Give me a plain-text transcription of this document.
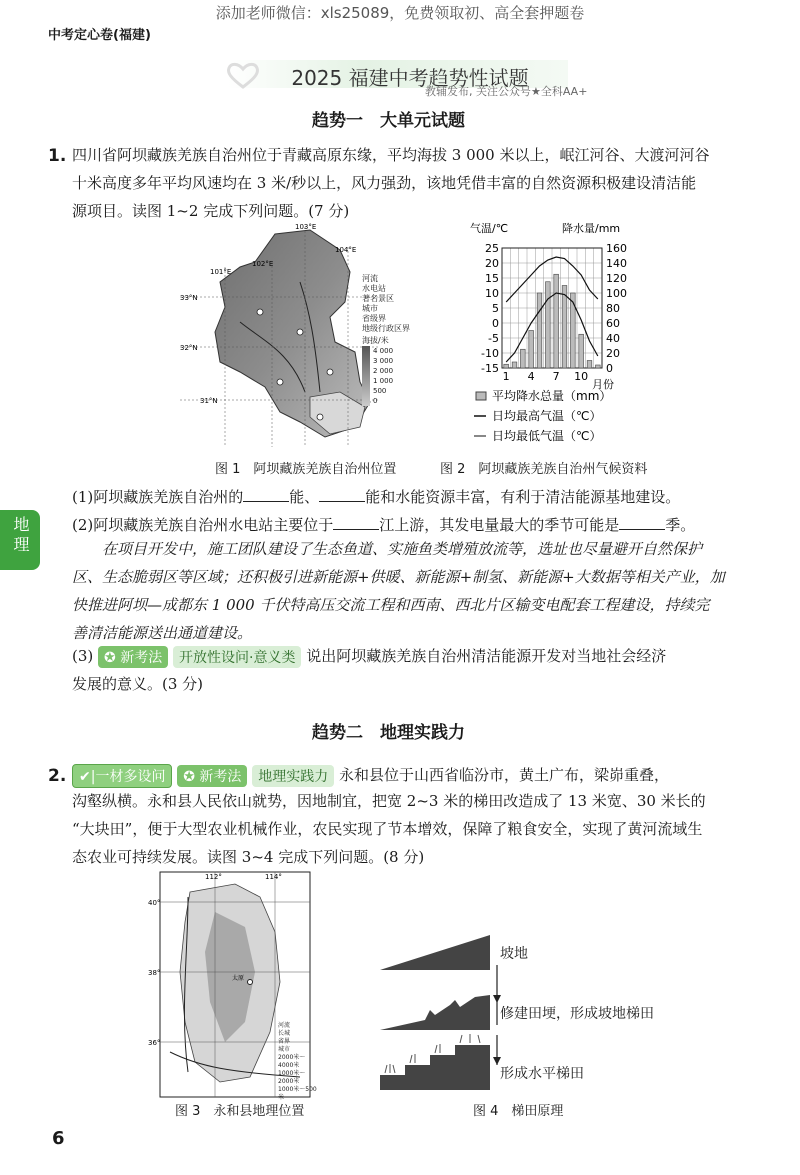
添加老师微信：xls25089，免费领取初、高全套押题卷
中考定心卷(福建)
2025 福建中考趋势性试题
教辅发布, 关注公众号★全科AA+
地理
趋势一　大单元试题
1. 四川省阿坝藏族羌族自治州位于青藏高原东缘，平均海拔 3 000 米以上，岷江河谷、大渡河河谷
十米高度多年平均风速均在 3 米/秒以上，风力强劲，该地凭借丰富的自然资源积极建设清洁能
源项目。读图 1~2 完成下列问题。(7 分)
103°E
104°E
102°E
101°E
33°N
32°N
31°N
河流
水电站
著名景区
城市
省级界
地级行政区界
海拔/米
4 000
3 000
2 000
1 000
500
0
气温/℃	降水量/mm
25
20
15
10
5
0
-5
-10
-15
160
140
120
100
80
60
40
20
0
1 4 7 10
月份
平均降水总量（mm）
日均最高气温（℃）
日均最低气温（℃）
图 1　阿坝藏族羌族自治州位置	图 2　阿坝藏族羌族自治州气候资料
(1)阿坝藏族羌族自治州的	能、	能和水能资源丰富，有利于清洁能源基地建设。
(2)阿坝藏族羌族自治州水电站主要位于	江上游，其发电量最大的季节可能是	季。
在项目开发中，施工团队建设了生态鱼道、实施鱼类增殖放流等，选址也尽量避开自然保护
区、生态脆弱区等区域；还积极引进新能源+供暖、新能源+制氢、新能源+大数据等相关产业，加
快推进阿坝—成都东 1 000 千伏特高压交流工程和西南、西北片区输变电配套工程建设，持续完
善清洁能源送出通道建设。
(3) ✪ 新考法 开放性设问·意义类 说出阿坝藏族羌族自治州清洁能源开发对当地社会经济
发展的意义。(3 分)
趋势二　地理实践力
2. ✔|一材多设问 ✪ 新考法 地理实践力 永和县位于山西省临汾市，黄土广布，梁峁重叠，
沟壑纵横。永和县人民依山就势，因地制宜，把宽 2~3 米的梯田改造成了 13 米宽、30 米长的
“大块田”，便于大型农业机械作业，农民实现了节本增效，保障了粮食安全，实现了黄河流域生
态农业可持续发展。读图 3~4 完成下列问题。(8 分)
112°	114°
40°
38°
36°
太原
河流
长城
省界
城市
2000米～4000米
1000米～2000米
1000米～500米
坡地
修建田埂，形成坡地梯田
形成水平梯田
图 3　永和县地理位置	图 4　梯田原理
6
